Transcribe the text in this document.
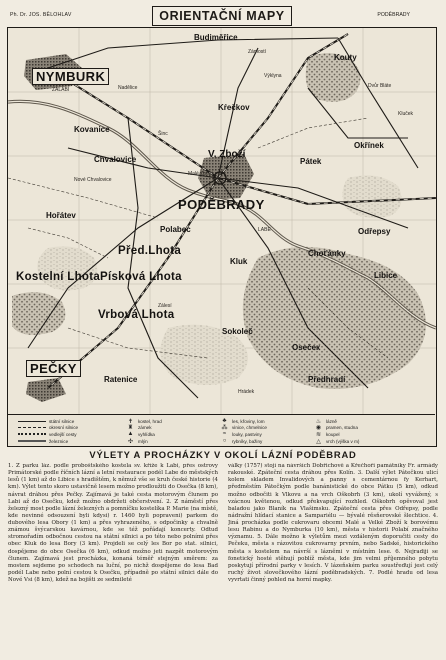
Ph. Dr. JOS. BĚLOHLAV	ORIENTAČNÍ MAPY	PODĚBRADY
Budiměřice
NYMBURK
ZÁLABÍ
Kouty
Dvůr Bláte
Kovanice
Chvalovice
Nové Chvalovice
Okřínek
Kŕečkov
V. Zboží
Malé Zboží
Pátek
PODĚBRADY
Hořátev
Polabec	Odřepsy
Před.Lhota
Kluk
Choťánky
Kostelní Lhota Písková Lhota	Libice
Vrbová Lhota
Osečeк
Sokoleč
PEČKY
Ratenice	Předhradí
Hrádek
Zámostí
Nadělice
Kluček
Výklyna
Šinc
Zálesí
LABE
státní silnice
okresní silnice
vedlejší cesty
železnice
✝	kostel, hrad
♜	zámek
▲ vyhlídka
✣	mlýn
♣	les, křoviny, lom
⁂ vinice, chmelnice
≈	louky, pastviny
○	rybníky, bažiny
♨	lázně
◉	pramen, studna
≋	koupel
△	vrch (výška v m)
VÝLETY A PROCHÁZKY V OKOLÍ LÁZNÍ PODĚBRAD
1. Z parku láz. podle proboštského kostela sv. kříže k Labi, přes ostrovy Primátorské podle říčních lázní a letní restaurace podél Labe do městských lesů (1 km) až do Libice s hradištěm, k němuž vše se kruh české historie (4 km). Výlet tento skoro ustavičně lesem možno prodloužiti do Osečka (8 km), návrat dráhou přes Pečky. Zajímavá je také cesta motorovým člunem po Labi až do Osečku, kdež možno obdržeti občerstvení. 2. Z náměstí přes železný most podle lázní železných a pomníčku kostelíka P. Marie (na místě, kde nevinné odsouzení byli kdysi) r. 1460 byli popraveni) parkem do dubového lesa Obory (1 km) a přes vyhrazeného, s odpočinky a chvalně známou švýcarskou kavárnou, kde se též pořádají koncerty. Odtud stromořadím odbočnou cestou na státní silnici a po této nebo polními přes obec Kluk do lesa Bory (3 km). Projdeli se celý les Bor po stat. silnici, dospějeme do obce Osečka (6 km), odkud možno jeti nazpět motorovým člunem. Zajímavá jest procházka, konaná téměř stejným směrem: za mostem sejdeme po schodech na luční, po nichž dospějeme do lesa Bad podél Labe nebo polní cestou k Osečku, případně po státní silnici dále do Nové Vsi (8 km), kdež na bojišti ze sedmileté
války (1757) stojí na návrších Dobřichově a Křečhoři památníky Fr. armády rakouské. Zpáteční cesta dráhou přes Kolín. 3. Další výlet Pátečkou ulicí kolem skladem Invalidových a panny s cementárnou fy Kerhart, předměstím Pátečkým podle banánistické do obce Pátku (5 km), odkud možno odbočiti k Vlkovu a na vrch Oškobrh (3 km), ukolí vyvážený, s vzácnou květenou, odkud překvapující rozhled. Oškobrh opěvoval jest baladou jako Blaník na Vlašimsku. Zpáteční cesta přes Odřepsy, podle nádražní hlídací stanice a Sampariélu — bývalé rěsňerovské šlechtice. 4. Jiná procházka podle cukrovaru obcemi Malé a Velké Zboží k borovému lesu Rabinu a do Nymburka (10 km), města v historii Polabí značného významu. 5. Dále možno k výletům mezi vzdáleným doporučiti cesty do Pečeku, města s rázovitou cukrovarny prvním, nebo Sadské, historického města s kostelem na návrší s lázněmi v místním lese. 6. Nejradiji se fonetický hosté stěhují poblíž města, kde jim velmi příjemného pobytu poskytují přírodní parky v lesích. V lázeňském parku soustřeďují jest celý ruchý život slovečkového lázní poděbradských. 7. Podlé hradu od lesa vyvrtati činný pohled na horní mapky.
